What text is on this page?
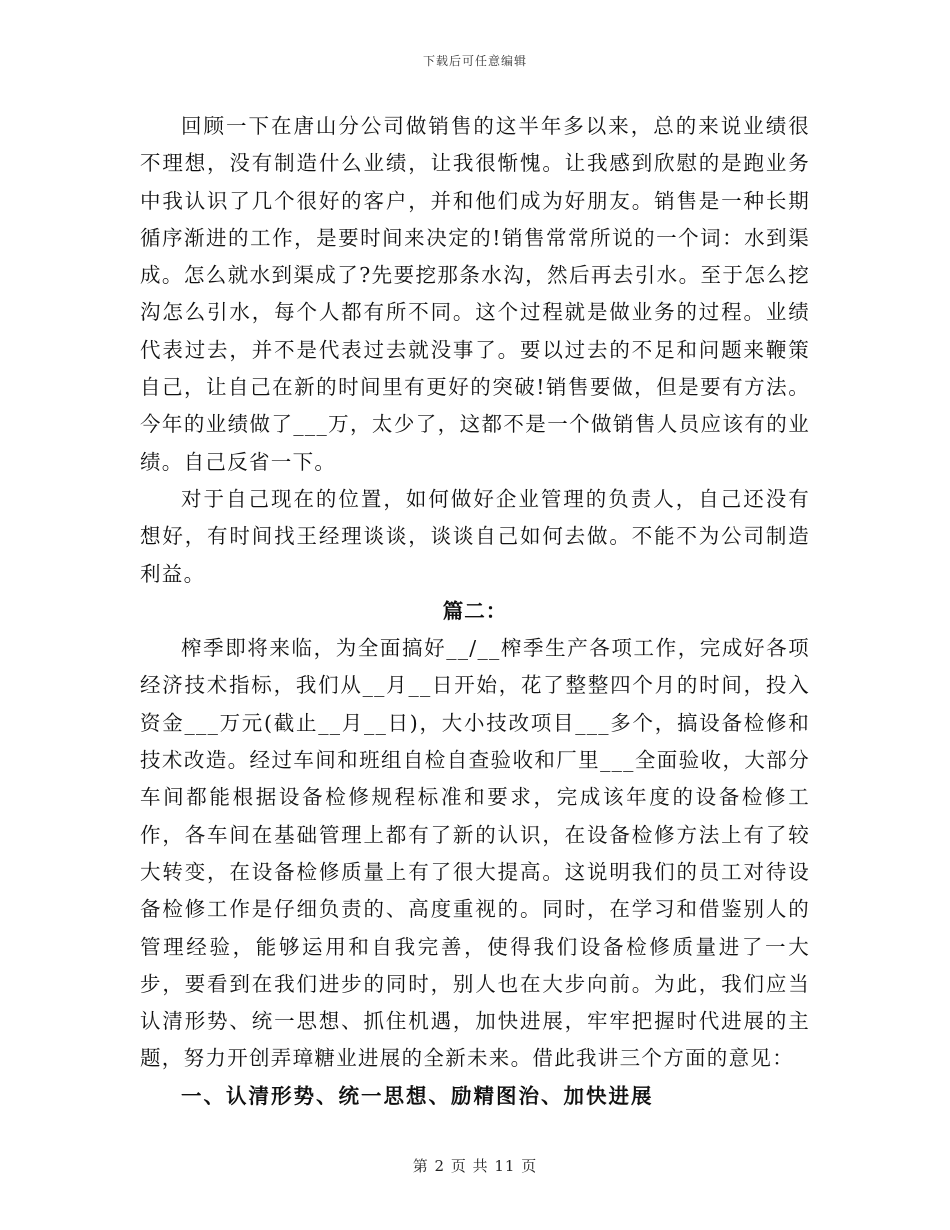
下载后可任意编辑

回顾一下在唐山分公司做销售的这半年多以来，总的来说业绩很不理想，没有制造什么业绩，让我很惭愧。让我感到欣慰的是跑业务中我认识了几个很好的客户，并和他们成为好朋友。销售是一种长期循序渐进的工作，是要时间来决定的!销售常常所说的一个词：水到渠成。怎么就水到渠成了?先要挖那条水沟，然后再去引水。至于怎么挖沟怎么引水，每个人都有所不同。这个过程就是做业务的过程。业绩代表过去，并不是代表过去就没事了。要以过去的不足和问题来鞭策自己，让自己在新的时间里有更好的突破!销售要做，但是要有方法。今年的业绩做了___万，太少了，这都不是一个做销售人员应该有的业绩。自己反省一下。

对于自己现在的位置，如何做好企业管理的负责人，自己还没有想好，有时间找王经理谈谈，谈谈自己如何去做。不能不为公司制造利益。

篇二：

榨季即将来临，为全面搞好__/__榨季生产各项工作，完成好各项经济技术指标，我们从__月__日开始，花了整整四个月的时间，投入资金___万元(截止__月__日)，大小技改项目___多个，搞设备检修和技术改造。经过车间和班组自检自查验收和厂里___全面验收，大部分车间都能根据设备检修规程标准和要求，完成该年度的设备检修工作，各车间在基础管理上都有了新的认识，在设备检修方法上有了较大转变，在设备检修质量上有了很大提高。这说明我们的员工对待设备检修工作是仔细负责的、高度重视的。同时，在学习和借鉴别人的管理经验，能够运用和自我完善，使得我们设备检修质量进了一大步，要看到在我们进步的同时，别人也在大步向前。为此，我们应当认清形势、统一思想、抓住机遇，加快进展，牢牢把握时代进展的主题，努力开创弄璋糖业进展的全新未来。借此我讲三个方面的意见：

一、认清形势、统一思想、励精图治、加快进展

第 2 页 共 11 页
